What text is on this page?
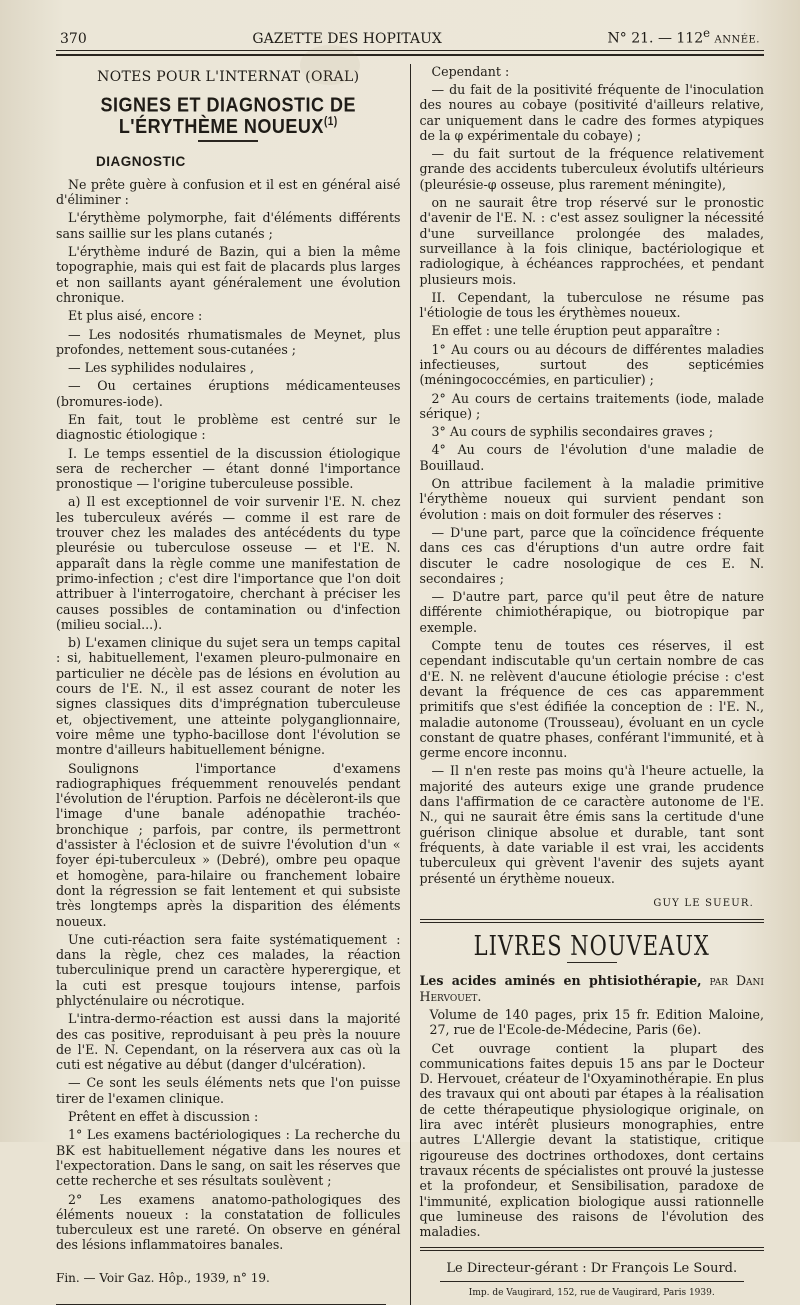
370	GAZETTE DES HOPITAUX	N° 21. — 112e ANNÉE.
NOTES POUR L'INTERNAT (ORAL)
SIGNES ET DIAGNOSTIC DE L'ÉRYTHÈME NOUEUX$^{(1)}$
DIAGNOSTIC

Ne prête guère à confusion et il est en général aisé d'éliminer :

L'érythème polymorphe, fait d'éléments différents sans saillie sur les plans cutanés ;

L'érythème induré de Bazin, qui a bien la même topographie, mais qui est fait de placards plus larges et non saillants ayant généralement une évolution chronique.

Et plus aisé, encore :

— Les nodosités rhumatismales de Meynet, plus profondes, nettement sous-cutanées ;

— Les syphilides nodulaires ,

— Ou certaines éruptions médicamenteuses (bromures-iode).

En fait, tout le problème est centré sur le diagnostic étiologique :

I. Le temps essentiel de la discussion étiologique sera de rechercher — étant donné l'importance pronostique — l'origine tuberculeuse possible.

a) Il est exceptionnel de voir survenir l'E. N. chez les tuberculeux avérés — comme il est rare de trouver chez les malades des antécédents du type pleurésie ou tuberculose osseuse — et l'E. N. apparaît dans la règle comme une manifestation de primo-infection ; c'est dire l'importance que l'on doit attribuer à l'interrogatoire, cherchant à préciser les causes possibles de contamination ou d'infection (milieu social...).

b) L'examen clinique du sujet sera un temps capital : si, habituellement, l'examen pleuro-pulmonaire en particulier ne décèle pas de lésions en évolution au cours de l'E. N., il est assez courant de noter les signes classiques dits d'imprégnation tuberculeuse et, objectivement, une atteinte polyganglionnaire, voire même une typho-bacillose dont l'évolution se montre d'ailleurs habituellement bénigne.

Soulignons l'importance d'examens radiographiques fréquemment renouvelés pendant l'évolution de l'éruption. Parfois ne décèleront-ils que l'image d'une banale adénopathie trachéo-bronchique ; parfois, par contre, ils permettront d'assister à l'éclosion et de suivre l'évolution d'un « foyer épi-tuberculeux » (Debré), ombre peu opaque et homogène, para-hilaire ou franchement lobaire dont la régression se fait lentement et qui subsiste très longtemps après la disparition des éléments noueux.

Une cuti-réaction sera faite systématiquement : dans la règle, chez ces malades, la réaction tuberculinique prend un caractère hyperergique, et la cuti est presque toujours intense, parfois phlycténulaire ou nécrotique.

L'intra-dermo-réaction est aussi dans la majorité des cas positive, reproduisant à peu près la nouure de l'E. N. Cependant, on la réservera aux cas où la cuti est négative au début (danger d'ulcération).

— Ce sont les seuls éléments nets que l'on puisse tirer de l'examen clinique.

Prêtent en effet à discussion :

1° Les examens bactériologiques : La recherche du BK est habituellement négative dans les noures et l'expectoration. Dans le sang, on sait les réserves que cette recherche et ses résultats soulèvent ;

2° Les examens anatomo-pathologiques des éléments noueux : la constatation de follicules tuberculeux est une rareté. On observe en général des lésions inflammatoires banales.

Fin. — Voir Gaz. Hôp., 1939, n° 19.

Cependant :

— du fait de la positivité fréquente de l'inoculation des noures au cobaye (positivité d'ailleurs relative, car uniquement dans le cadre des formes atypiques de la φ expérimentale du cobaye) ;

— du fait surtout de la fréquence relativement grande des accidents tuberculeux évolutifs ultérieurs (pleurésie-φ osseuse, plus rarement méningite),

on ne saurait être trop réservé sur le pronostic d'avenir de l'E. N. : c'est assez souligner la nécessité d'une surveillance prolongée des malades, surveillance à la fois clinique, bactériologique et radiologique, à échéances rapprochées, et pendant plusieurs mois.

II. Cependant, la tuberculose ne résume pas l'étiologie de tous les érythèmes noueux.

En effet : une telle éruption peut apparaître :

1° Au cours ou au décours de différentes maladies infectieuses, surtout des septicémies (méningococcémies, en particulier) ;

2° Au cours de certains traitements (iode, malade sérique) ;

3° Au cours de syphilis secondaires graves ;

4° Au cours de l'évolution d'une maladie de Bouillaud.

On attribue facilement à la maladie primitive l'érythème noueux qui survient pendant son évolution : mais on doit formuler des réserves :

— D'une part, parce que la coïncidence fréquente dans ces cas d'éruptions d'un autre ordre fait discuter le cadre nosologique de ces E. N. secondaires ;

— D'autre part, parce qu'il peut être de nature différente chimiothérapique, ou biotropique par exemple.

Compte tenu de toutes ces réserves, il est cependant indiscutable qu'un certain nombre de cas d'E. N. ne relèvent d'aucune étiologie précise : c'est devant la fréquence de ces cas apparemment primitifs que s'est édifiée la conception de : l'E. N., maladie autonome (Trousseau), évoluant en un cycle constant de quatre phases, conférant l'immunité, et à germe encore inconnu.

— Il n'en reste pas moins qu'à l'heure actuelle, la majorité des auteurs exige une grande prudence dans l'affirmation de ce caractère autonome de l'E. N., qui ne saurait être émis sans la certitude d'une guérison clinique absolue et durable, tant sont fréquents, à date variable il est vrai, les accidents tuberculeux qui grèvent l'avenir des sujets ayant présenté un érythème noueux.

GUY LE SUEUR.

LIVRES NOUVEAUX

Les acides aminés en phtisiothérapie, par Dani Hervouet.

Volume de 140 pages, prix 15 fr. Edition Maloine, 27, rue de l'Ecole-de-Médecine, Paris (6e).

Cet ouvrage contient la plupart des communications faites depuis 15 ans par le Docteur D. Hervouet, créateur de l'Oxyaminothérapie. En plus des travaux qui ont abouti par étapes à la réalisation de cette thérapeutique physiologique originale, on lira avec intérêt plusieurs monographies, entre autres L'Allergie devant la statistique, critique rigoureuse des doctrines orthodoxes, dont certains travaux récents de spécialistes ont prouvé la justesse et la profondeur, et Sensibilisation, paradoxe de l'immunité, explication biologique aussi rationnelle que lumineuse des raisons de l'évolution des maladies.

Le Directeur-gérant : Dr François Le Sourd.

Imp. de Vaugirard, 152, rue de Vaugirard, Paris 1939.
